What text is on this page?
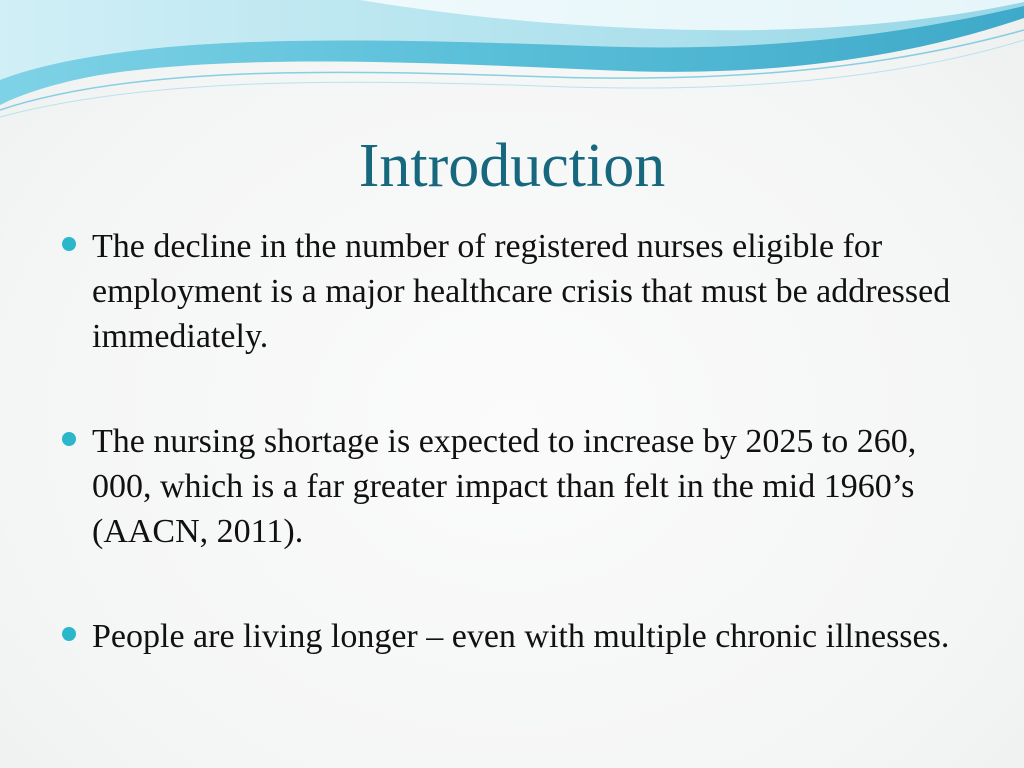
Introduction
The decline in the number of registered nurses eligible for employment is a major healthcare crisis that must be addressed immediately.
The nursing shortage is expected to increase by 2025 to 260, 000, which is a far greater impact than felt in the mid 1960’s (AACN, 2011).
People are living longer – even with multiple chronic illnesses.
